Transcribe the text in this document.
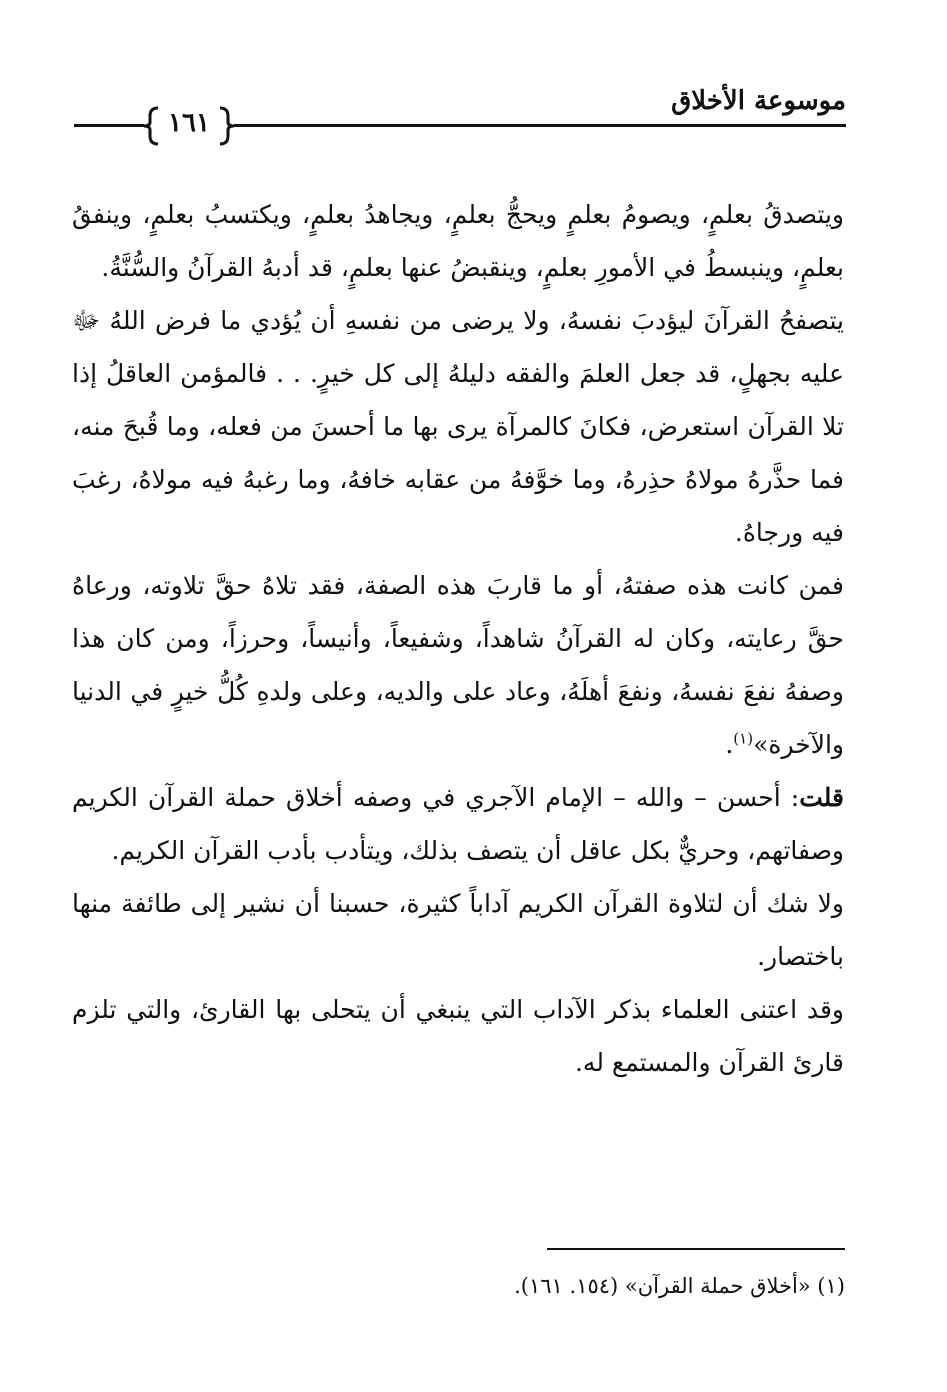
موسوعة الأخلاق
١٦١

ويتصدقُ بعلمٍ، ويصومُ بعلمٍ ويحجُّ بعلمٍ، ويجاهدُ بعلمٍ، ويكتسبُ بعلمٍ، وينفقُ بعلمٍ، وينبسطُ في الأمورِ بعلمٍ، وينقبضُ عنها بعلمٍ، قد أدبهُ القرآنُ والسُّنَّةُ.

يتصفحُ القرآنَ ليؤدبَ نفسهُ، ولا يرضى من نفسهِ أن يُؤدي ما فرض اللهُ ﷻ عليه بجهلٍ، قد جعل العلمَ والفقه دليلهُ إلى كل خيرٍ. . . فالمؤمن العاقلُ إذا تلا القرآن استعرض، فكانَ كالمرآة يرى بها ما أحسنَ من فعله، وما قُبحَ منه، فما حذَّرهُ مولاهُ حذِرهُ، وما خوَّفهُ من عقابه خافهُ، وما رغبهُ فيه مولاهُ، رغبَ فيه ورجاهُ.

فمن كانت هذه صفتهُ، أو ما قاربَ هذه الصفة، فقد تلاهُ حقَّ تلاوته، ورعاهُ حقَّ رعايته، وكان له القرآنُ شاهداً، وشفيعاً، وأنيساً، وحرزاً، ومن كان هذا وصفهُ نفعَ نفسهُ، ونفعَ أهلَهُ، وعاد على والديه، وعلى ولدهِ كُلُّ خيرٍ في الدنيا والآخرة»$^{(١)}$.

قلت: أحسن – والله – الإمام الآجري في وصفه أخلاق حملة القرآن الكريم وصفاتهم، وحريٌّ بكل عاقل أن يتصف بذلك، ويتأدب بأدب القرآن الكريم.

ولا شك أن لتلاوة القرآن الكريم آداباً كثيرة، حسبنا أن نشير إلى طائفة منها باختصار.

وقد اعتنى العلماء بذكر الآداب التي ينبغي أن يتحلى بها القارئ، والتي تلزم قارئ القرآن والمستمع له.

(١) «أخلاق حملة القرآن» (١٥٤. ١٦١).
